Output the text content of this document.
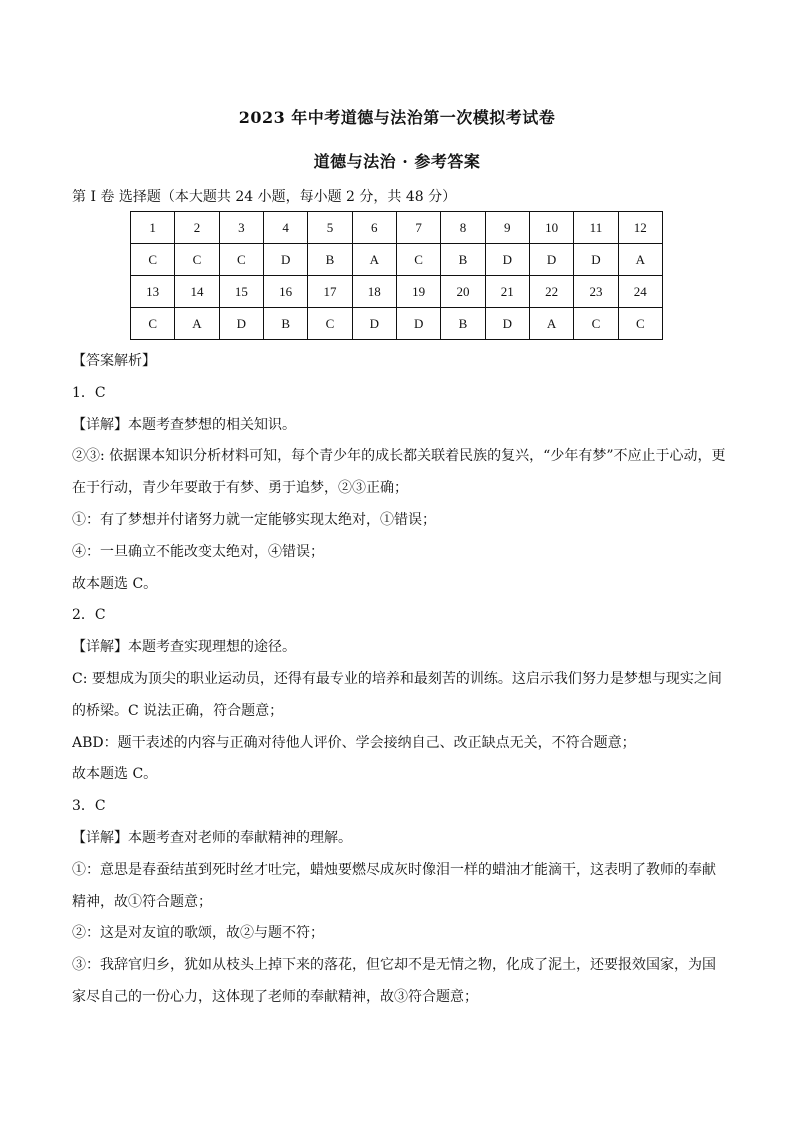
2023 年中考道德与法治第一次模拟考试卷
道德与法治 · 参考答案
第 I 卷 选择题（本大题共 24 小题，每小题 2 分，共 48 分）
1	2	3	4	5	6	7	8	9	10	11	12
C	C	C	D	B	A	C	B	D	D	D	A
13	14	15	16	17	18	19	20	21	22	23	24
C	A	D	B	C	D	D	B	D	A	C	C
【答案解析】
1．C
【详解】本题考查梦想的相关知识。
②③: 依据课本知识分析材料可知，每个青少年的成长都关联着民族的复兴，“少年有梦”不应止于心动，更
在于行动，青少年要敢于有梦、勇于追梦，②③正确；
①：有了梦想并付诸努力就一定能够实现太绝对，①错误；
④：一旦确立不能改变太绝对，④错误；
故本题选 C。
2．C
【详解】本题考查实现理想的途径。
C: 要想成为顶尖的职业运动员，还得有最专业的培养和最刻苦的训练。这启示我们努力是梦想与现实之间
的桥梁。C 说法正确，符合题意；
ABD：题干表述的内容与正确对待他人评价、学会接纳自己、改正缺点无关，不符合题意；
故本题选 C。
3．C
【详解】本题考查对老师的奉献精神的理解。
①：意思是春蚕结茧到死时丝才吐完，蜡烛要燃尽成灰时像泪一样的蜡油才能滴干，这表明了教师的奉献
精神，故①符合题意；
②：这是对友谊的歌颂，故②与题不符；
③：我辞官归乡，犹如从枝头上掉下来的落花，但它却不是无情之物，化成了泥土，还要报效国家，为国
家尽自己的一份心力，这体现了老师的奉献精神，故③符合题意；
